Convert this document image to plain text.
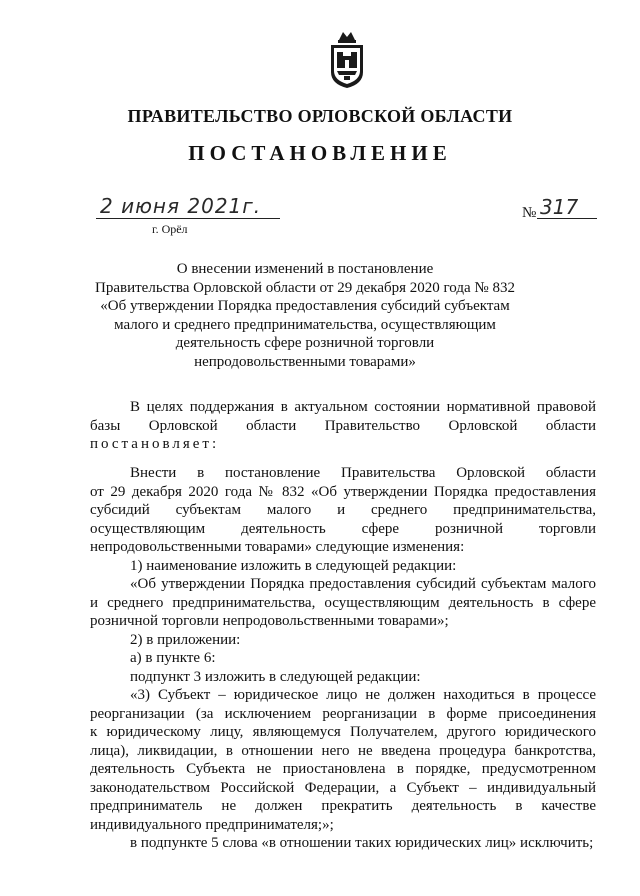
ПРАВИТЕЛЬСТВО ОРЛОВСКОЙ ОБЛАСТИ
ПОСТАНОВЛЕНИЕ
2 июня 2021г.
г. Орёл
№ 317
О внесении изменений в постановление
Правительства Орловской области от 29 декабря 2020 года № 832
«Об утверждении Порядка предоставления субсидий субъектам
малого и среднего предпринимательства, осуществляющим
деятельность сфере розничной торговли
непродовольственными товарами»
В целях поддержания в актуальном состоянии нормативной правовой
базы Орловской области Правительство Орловской области
постановляет:
Внести в постановление Правительства Орловской области
от 29 декабря 2020 года № 832 «Об утверждении Порядка предоставления
субсидий субъектам малого и среднего предпринимательства,
осуществляющим деятельность сфере розничной торговли
непродовольственными товарами» следующие изменения:
1) наименование изложить в следующей редакции:
«Об утверждении Порядка предоставления субсидий субъектам малого
и среднего предпринимательства, осуществляющим деятельность в сфере
розничной торговли непродовольственными товарами»;
2) в приложении:
а) в пункте 6:
подпункт 3 изложить в следующей редакции:
«3) Субъект – юридическое лицо не должен находиться в процессе
реорганизации (за исключением реорганизации в форме присоединения
к юридическому лицу, являющемуся Получателем, другого юридического
лица), ликвидации, в отношении него не введена процедура банкротства,
деятельность Субъекта не приостановлена в порядке, предусмотренном
законодательством Российской Федерации, а Субъект – индивидуальный
предприниматель не должен прекратить деятельность в качестве
индивидуального предпринимателя;»;
в подпункте 5 слова «в отношении таких юридических лиц» исключить;
